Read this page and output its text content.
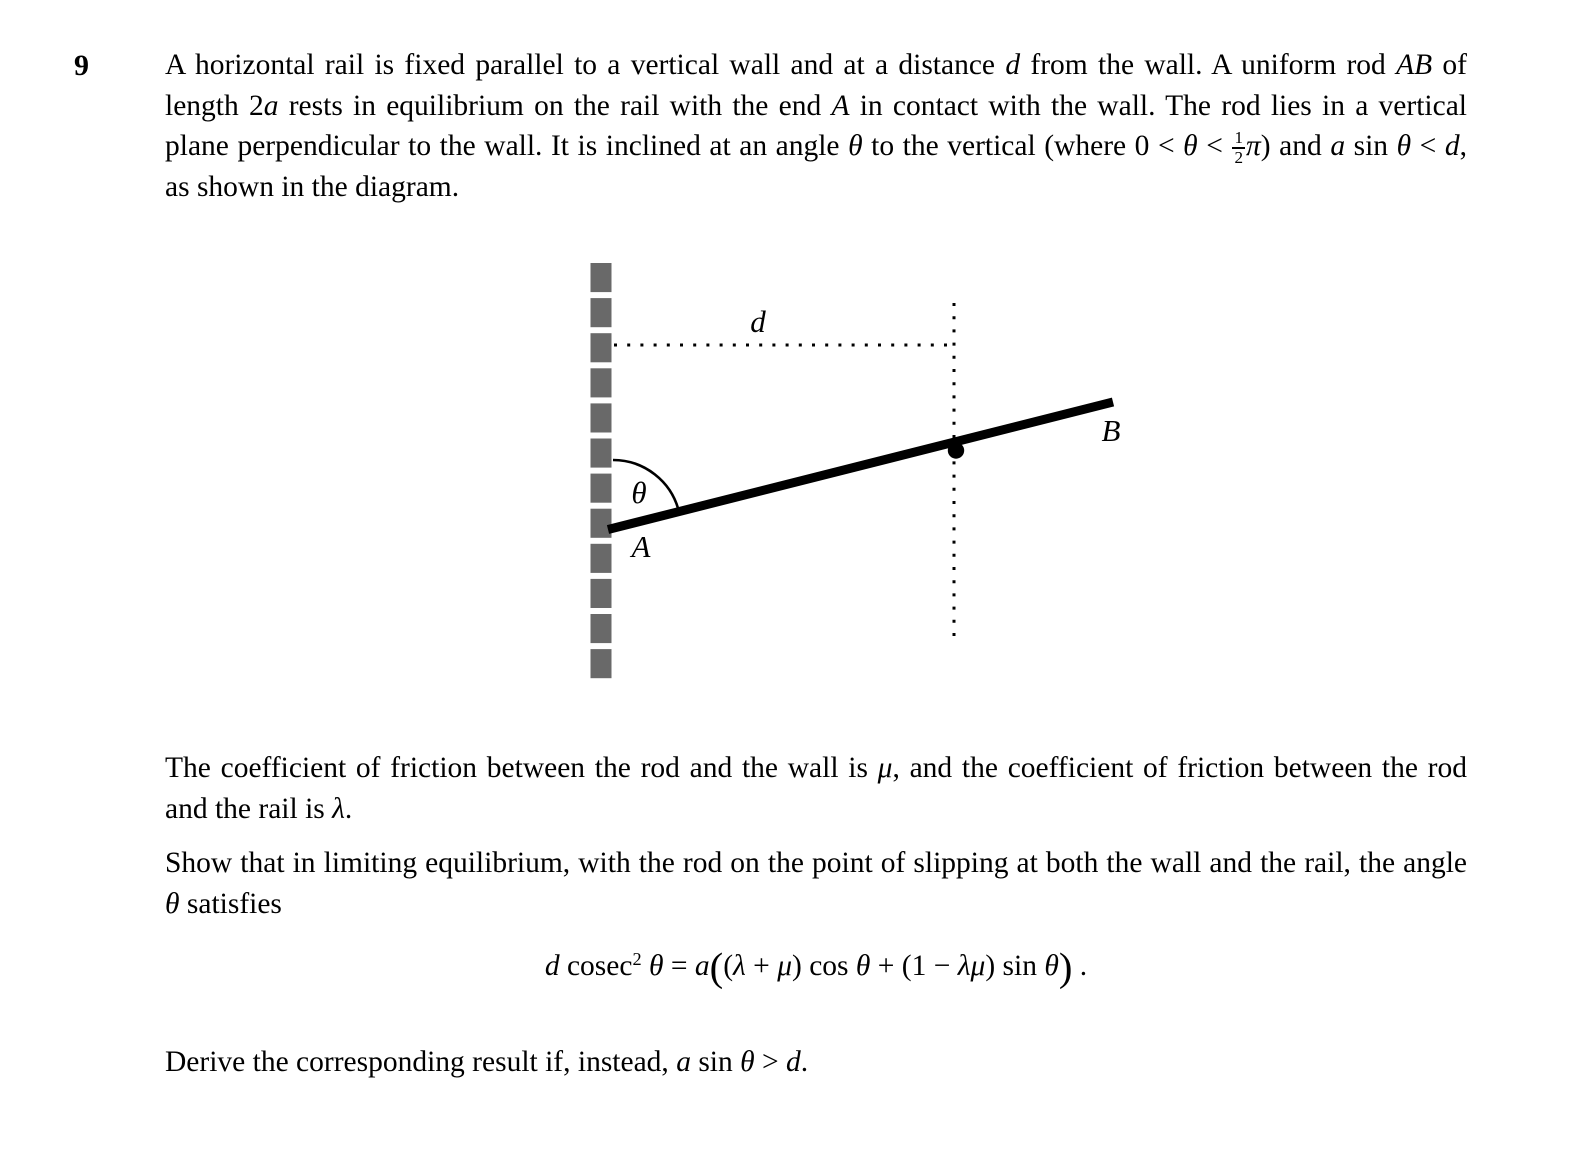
9	A horizontal rail is fixed parallel to a vertical wall and at a distance d from the wall. A uniform rod AB of length 2a rests in equilibrium on the rail with the end A in contact with the wall. The rod lies in a vertical plane perpendicular to the wall. It is inclined at an angle θ to the vertical (where $0 < \theta < \frac{1}{2} \pi$) and a sin θ < d, as shown in the diagram.
d
θ
A
B
The coefficient of friction between the rod and the wall is μ, and the coefficient of friction between the rod and the rail is λ.
Show that in limiting equilibrium, with the rod on the point of slipping at both the wall and the rail, the angle θ satisfies
d cosec$^2$ θ = a((λ + μ) cos θ + (1 − λμ) sin θ) .
Derive the corresponding result if, instead, a sin θ > d.
